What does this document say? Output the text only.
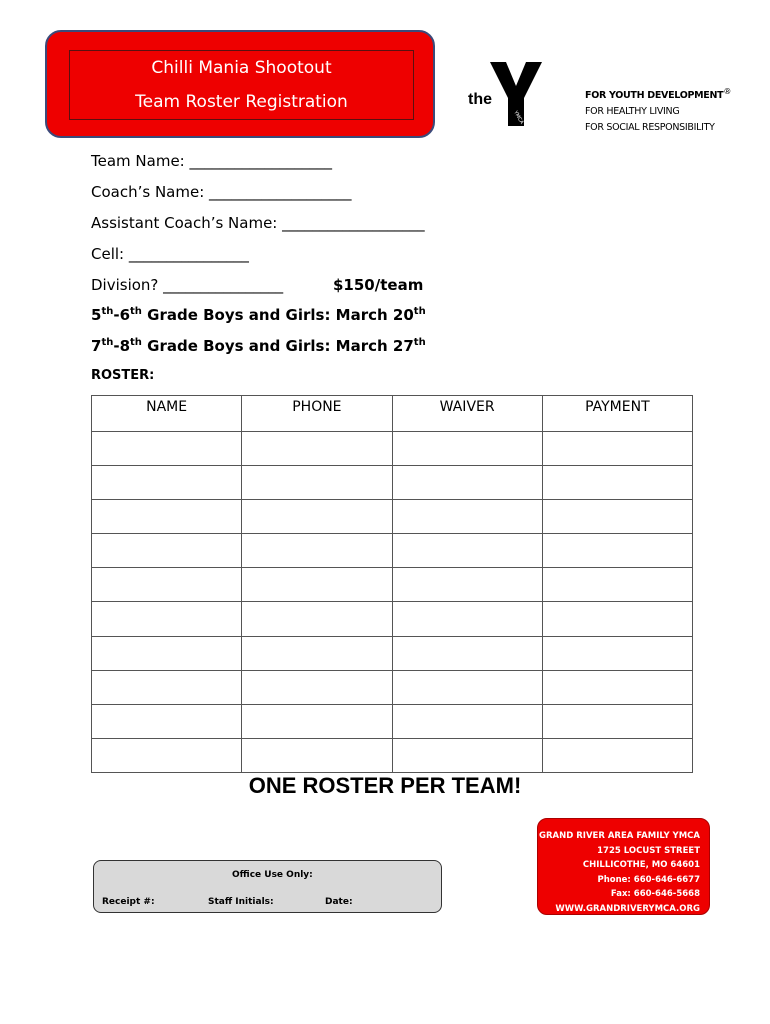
Chilli Mania Shootout
Team Roster Registration	the
YMCA
FOR YOUTH DEVELOPMENT®
FOR HEALTHY LIVING
FOR SOCIAL RESPONSIBILITY
Team Name: ___________________
Coach’s Name: ___________________
Assistant Coach’s Name: ___________________
Cell: ________________
Division? ________________	$150/team
5th-6th Grade Boys and Girls: March 20th
7th-8th Grade Boys and Girls: March 27th
ROSTER:
NAME	PHONE	WAIVER	PAYMENT

ONE ROSTER PER TEAM!
Office Use Only:
Receipt #:	Staff Initials:	Date:
GRAND RIVER AREA FAMILY YMCA
1725 LOCUST STREET
CHILLICOTHE, MO 64601
Phone: 660-646-6677
Fax: 660-646-5668
WWW.GRANDRIVERYMCA.ORG
